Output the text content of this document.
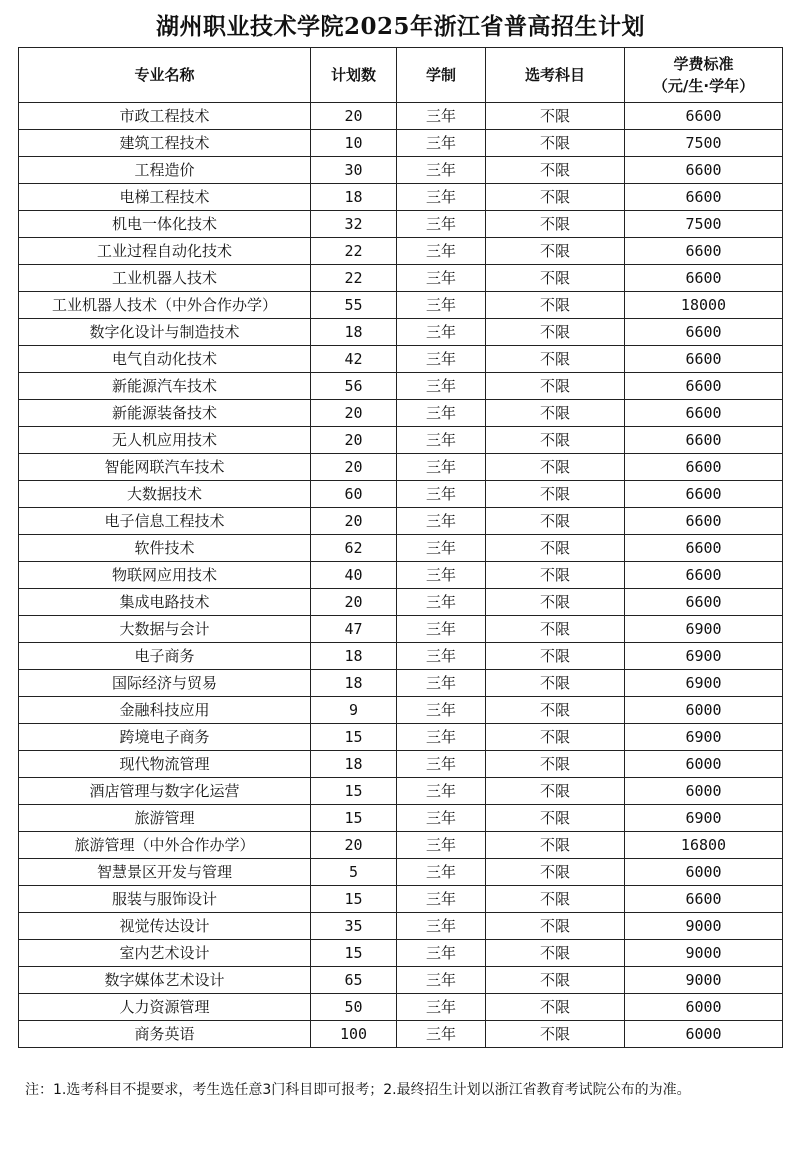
湖州职业技术学院2025年浙江省普高招生计划
专业名称	计划数	学制	选考科目	学费标准
（元/生·学年）

市政工程技术	20	三年	不限	6600
建筑工程技术	10	三年	不限	7500
工程造价	30	三年	不限	6600
电梯工程技术	18	三年	不限	6600
机电一体化技术	32	三年	不限	7500
工业过程自动化技术	22	三年	不限	6600
工业机器人技术	22	三年	不限	6600
工业机器人技术（中外合作办学）	55	三年	不限	18000
数字化设计与制造技术	18	三年	不限	6600
电气自动化技术	42	三年	不限	6600
新能源汽车技术	56	三年	不限	6600
新能源装备技术	20	三年	不限	6600
无人机应用技术	20	三年	不限	6600
智能网联汽车技术	20	三年	不限	6600
大数据技术	60	三年	不限	6600
电子信息工程技术	20	三年	不限	6600
软件技术	62	三年	不限	6600
物联网应用技术	40	三年	不限	6600
集成电路技术	20	三年	不限	6600
大数据与会计	47	三年	不限	6900
电子商务	18	三年	不限	6900
国际经济与贸易	18	三年	不限	6900
金融科技应用	9	三年	不限	6000
跨境电子商务	15	三年	不限	6900
现代物流管理	18	三年	不限	6000
酒店管理与数字化运营	15	三年	不限	6000
旅游管理	15	三年	不限	6900
旅游管理（中外合作办学）	20	三年	不限	16800
智慧景区开发与管理	5	三年	不限	6000
服装与服饰设计	15	三年	不限	6600
视觉传达设计	35	三年	不限	9000
室内艺术设计	15	三年	不限	9000
数字媒体艺术设计	65	三年	不限	9000
人力资源管理	50	三年	不限	6000
商务英语	100	三年	不限	6000
注：1.选考科目不提要求，考生选任意3门科目即可报考；2.最终招生计划以浙江省教育考试院公布的为准。
